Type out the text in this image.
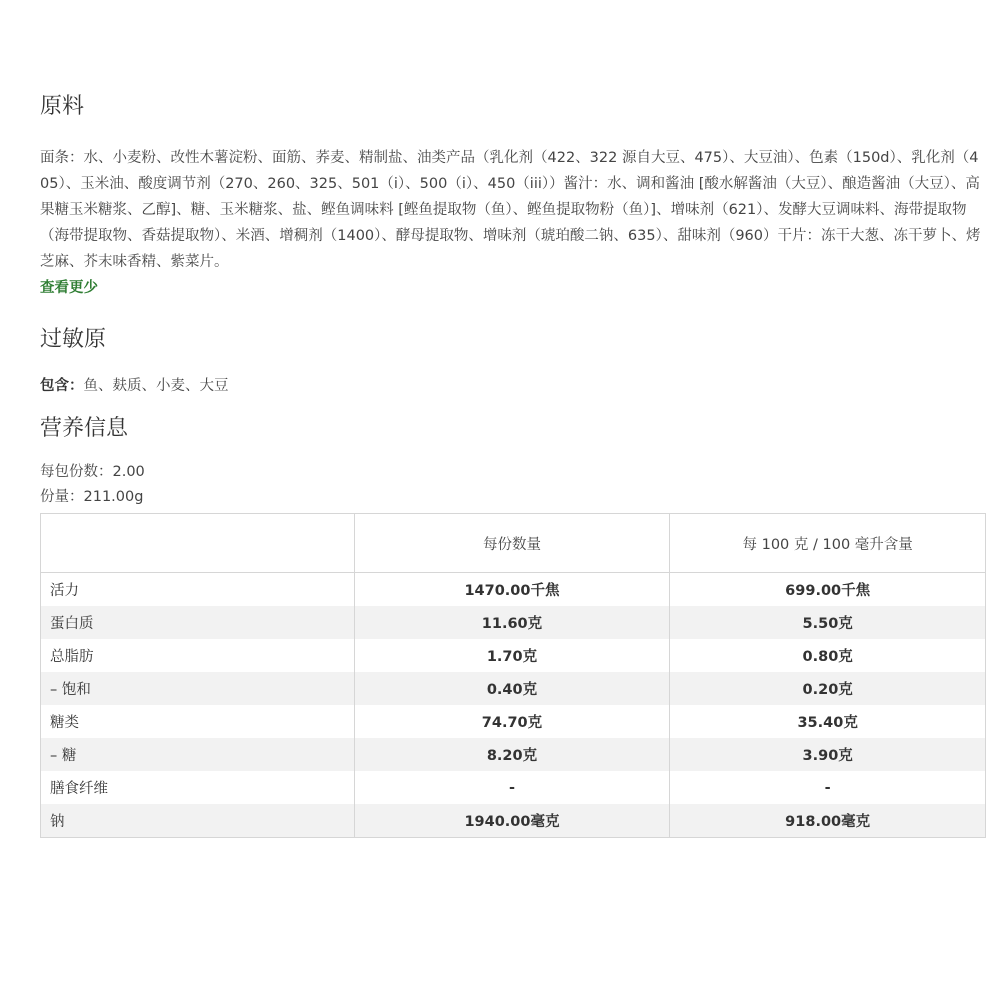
原料
面条：水、小麦粉、改性木薯淀粉、面筋、荞麦、精制盐、油类产品（乳化剂（422、322 源自大豆、475）、大豆油）、色素（150d）、乳化剂（405）、玉米油、酸度调节剂（270、260、325、501（i）、500（i）、450（iii））酱汁：水、调和酱油 [酸水解酱油（大豆）、酿造酱油（大豆）、高果糖玉米糖浆、乙醇]、糖、玉米糖浆、盐、鲣鱼调味料 [鲣鱼提取物（鱼）、鲣鱼提取物粉（鱼）]、增味剂（621）、发酵大豆调味料、海带提取物（海带提取物、香菇提取物）、米酒、增稠剂（1400）、酵母提取物、增味剂（琥珀酸二钠、635）、甜味剂（960）干片：冻干大葱、冻干萝卜、烤芝麻、芥末味香精、紫菜片。
查看更少
过敏原
包含：鱼、麸质、小麦、大豆
营养信息
每包份数：2.00
份量：211.00g
	每份数量	每 100 克 / 100 毫升含量
活力	1470.00千焦	699.00千焦
蛋白质	11.60克	5.50克
总脂肪	1.70克	0.80克
– 饱和	0.40克	0.20克
糖类	74.70克	35.40克
– 糖	8.20克	3.90克
膳食纤维	-	-
钠	1940.00毫克	918.00毫克
